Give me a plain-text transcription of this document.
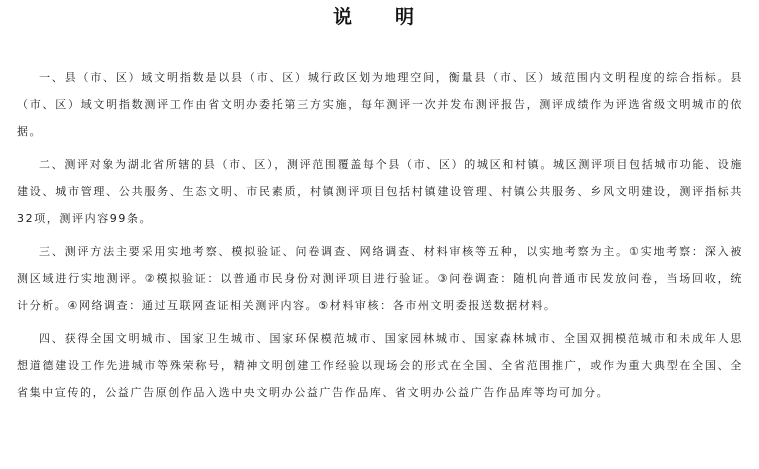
说　明

一、县（市、区）域文明指数是以县（市、区）城行政区划为地理空间，衡量县（市、区）域范围内文明程度的综合指标。县（市、区）域文明指数测评工作由省文明办委托第三方实施，每年测评一次并发布测评报告，测评成绩作为评选省级文明城市的依据。

二、测评对象为湖北省所辖的县（市、区），测评范围覆盖每个县（市、区）的城区和村镇。城区测评项目包括城市功能、设施建设、城市管理、公共服务、生态文明、市民素质，村镇测评项目包括村镇建设管理、村镇公共服务、乡风文明建设，测评指标共32项，测评内容99条。

三、测评方法主要采用实地考察、模拟验证、问卷调查、网络调查、材料审核等五种，以实地考察为主。①实地考察：深入被测区域进行实地测评。②模拟验证：以普通市民身份对测评项目进行验证。③问卷调查：随机向普通市民发放问卷，当场回收，统计分析。④网络调查：通过互联网查证相关测评内容。⑤材料审核：各市州文明委报送数据材料。

四、获得全国文明城市、国家卫生城市、国家环保模范城市、国家园林城市、国家森林城市、全国双拥模范城市和未成年人思想道德建设工作先进城市等殊荣称号，精神文明创建工作经验以现场会的形式在全国、全省范围推广，或作为重大典型在全国、全省集中宣传的，公益广告原创作品入选中央文明办公益广告作品库、省文明办公益广告作品库等均可加分。
